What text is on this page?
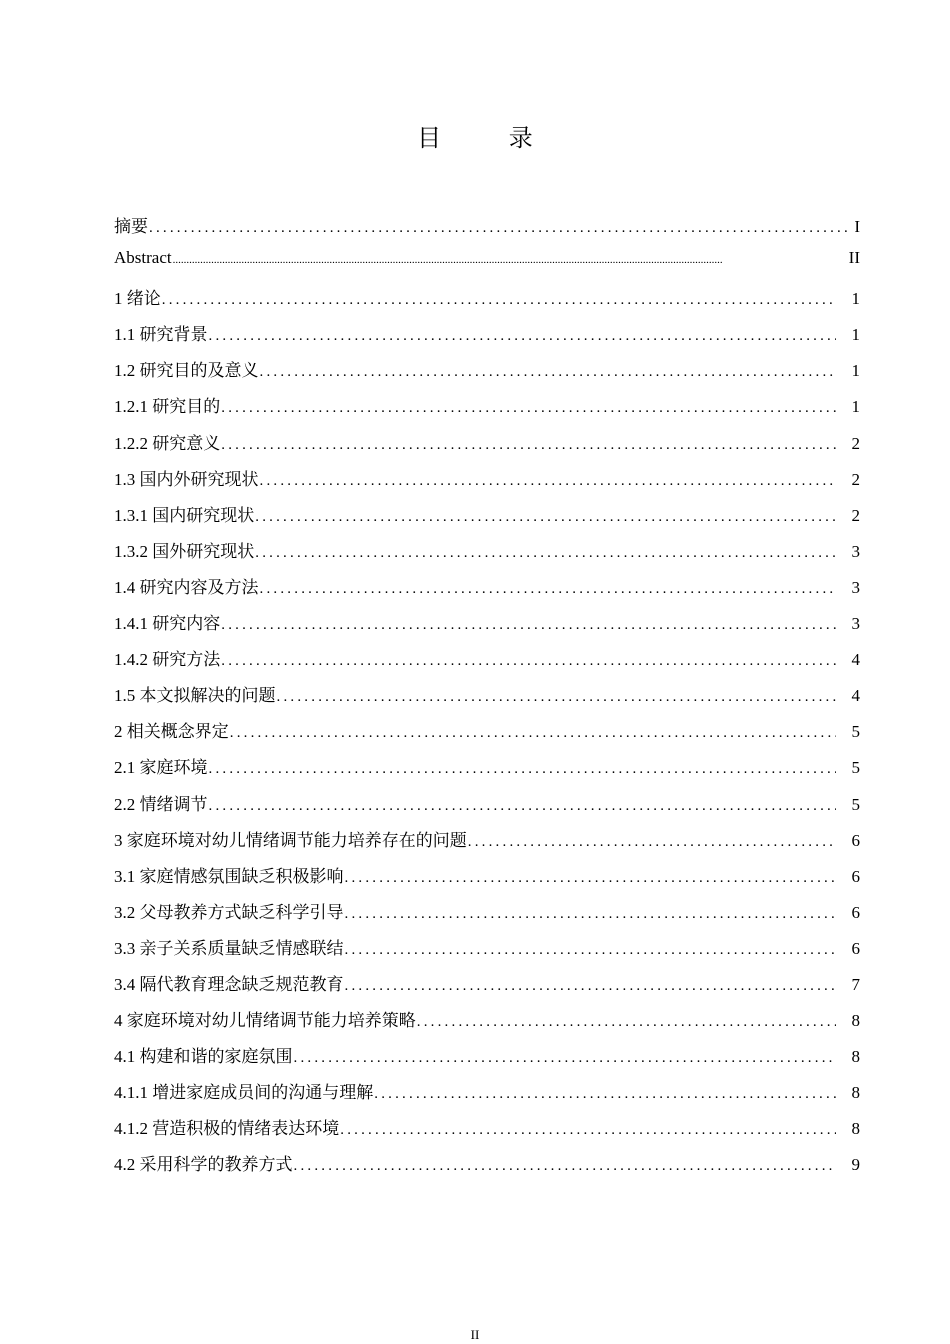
目 录
摘要 .....	I
Abstract .....	II
1 绪论 .....	1
1.1 研究背景 .....	1
1.2 研究目的及意义 .....	1
1.2.1 研究目的 .....	1
1.2.2 研究意义 .....	2
1.3 国内外研究现状 .....	2
1.3.1 国内研究现状 .....	2
1.3.2 国外研究现状 .....	3
1.4 研究内容及方法 .....	3
1.4.1 研究内容 .....	3
1.4.2 研究方法 .....	4
1.5 本文拟解决的问题 .....	4
2 相关概念界定 .....	5
2.1 家庭环境 .....	5
2.2 情绪调节 .....	5
3 家庭环境对幼儿情绪调节能力培养存在的问题 .....	6
3.1 家庭情感氛围缺乏积极影响 .....	6
3.2 父母教养方式缺乏科学引导 .....	6
3.3 亲子关系质量缺乏情感联结 .....	6
3.4 隔代教育理念缺乏规范教育 .....	7
4 家庭环境对幼儿情绪调节能力培养策略 .....	8
4.1 构建和谐的家庭氛围 .....	8
4.1.1 增进家庭成员间的沟通与理解 .....	8
4.1.2 营造积极的情绪表达环境 .....	8
4.2 采用科学的教养方式 .....	9
II
